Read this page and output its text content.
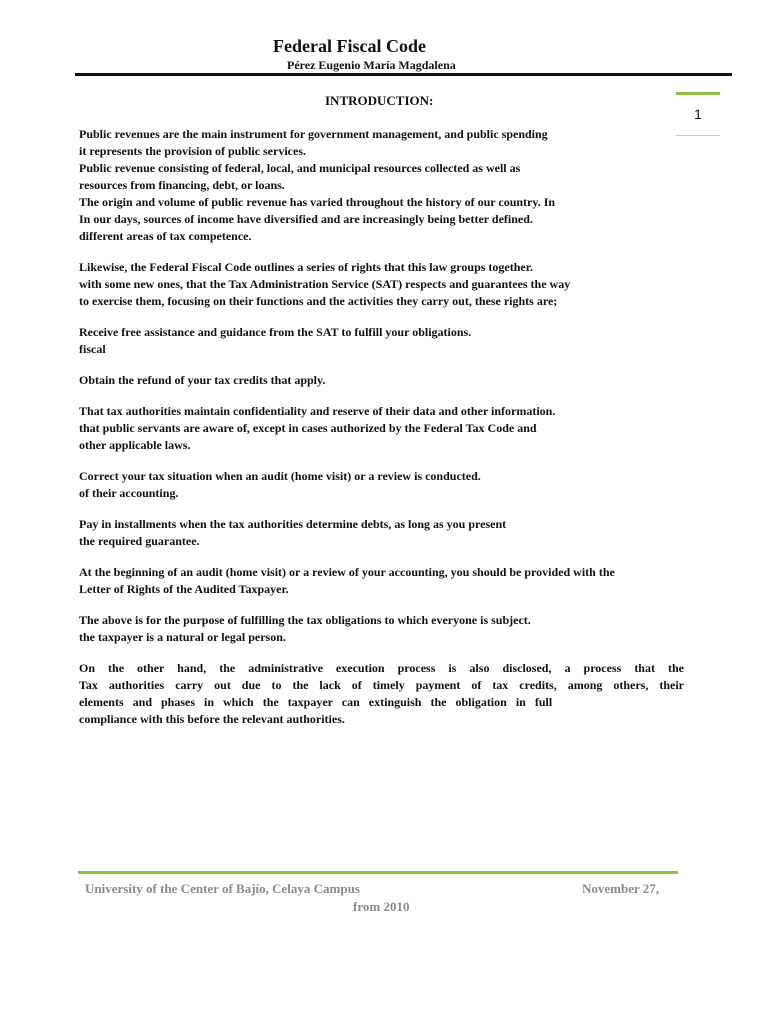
Federal Fiscal Code
Pérez Eugenio María Magdalena
1
INTRODUCTION:
Public revenues are the main instrument for government management, and public spending
it represents the provision of public services.
Public revenue consisting of federal, local, and municipal resources collected as well as
resources from financing, debt, or loans.
The origin and volume of public revenue has varied throughout the history of our country. In
In our days, sources of income have diversified and are increasingly being better defined.
different areas of tax competence.
Likewise, the Federal Fiscal Code outlines a series of rights that this law groups together.
with some new ones, that the Tax Administration Service (SAT) respects and guarantees the way
to exercise them, focusing on their functions and the activities they carry out, these rights are;
Receive free assistance and guidance from the SAT to fulfill your obligations.
fiscal
Obtain the refund of your tax credits that apply.
That tax authorities maintain confidentiality and reserve of their data and other information.
that public servants are aware of, except in cases authorized by the Federal Tax Code and
other applicable laws.
Correct your tax situation when an audit (home visit) or a review is conducted.
of their accounting.
Pay in installments when the tax authorities determine debts, as long as you present
the required guarantee.
At the beginning of an audit (home visit) or a review of your accounting, you should be provided with the
Letter of Rights of the Audited Taxpayer.
The above is for the purpose of fulfilling the tax obligations to which everyone is subject.
the taxpayer is a natural or legal person.
On the other hand, the administrative execution process is also disclosed, a process that the
Tax authorities carry out due to the lack of timely payment of tax credits, among others, their
elements and phases in which the taxpayer can extinguish the obligation in full
compliance with this before the relevant authorities.
University of the Center of Bajío, Celaya Campus	November 27,
from 2010
